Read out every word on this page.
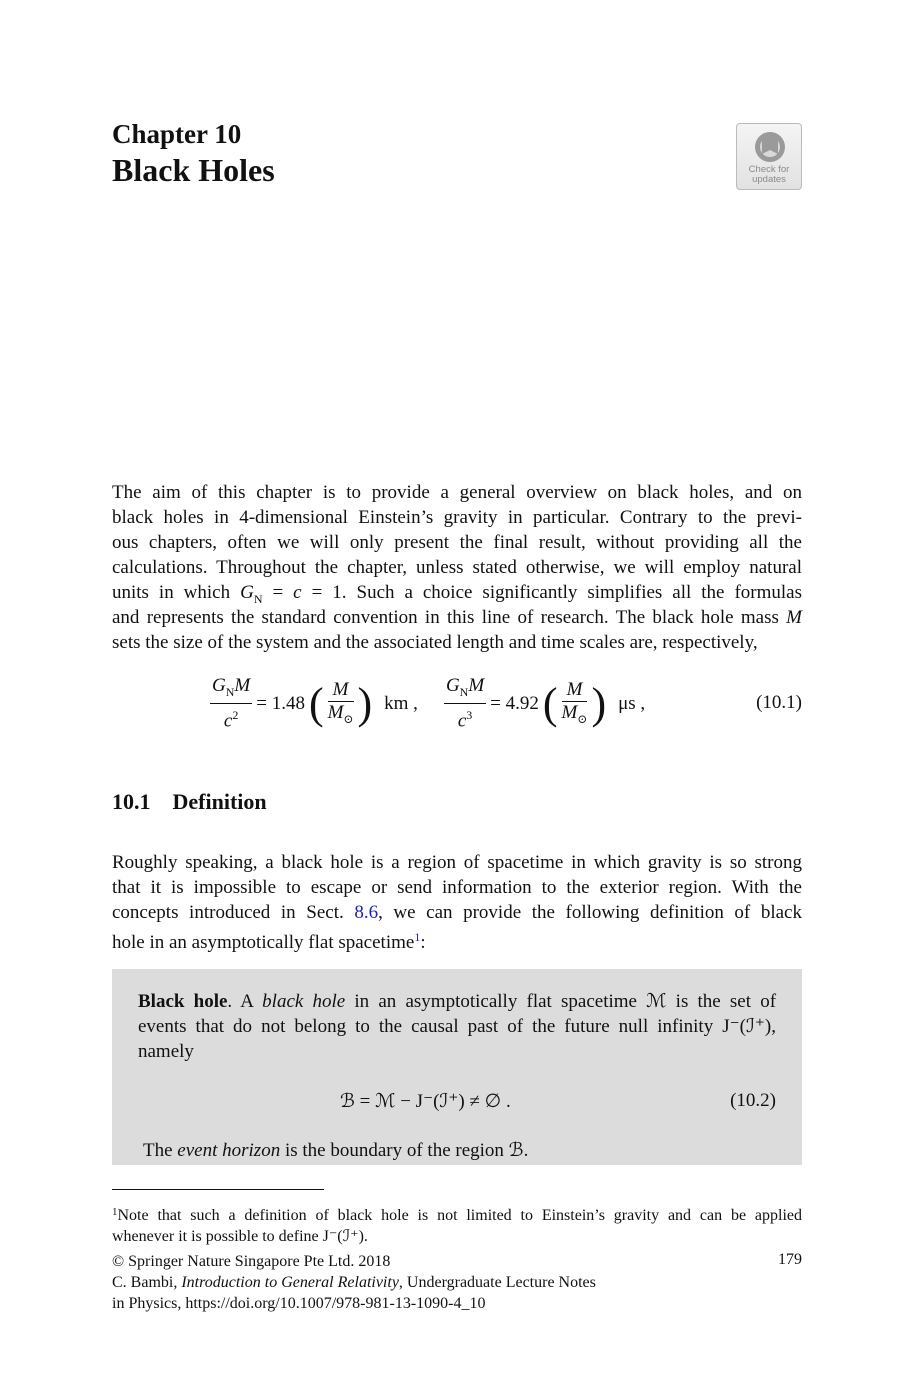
Chapter 10
Black Holes	Check for
updates
The aim of this chapter is to provide a general overview on black holes, and on
black holes in 4-dimensional Einstein’s gravity in particular. Contrary to the previ-
ous chapters, often we will only present the final result, without providing all the
calculations. Throughout the chapter, unless stated otherwise, we will employ natural
units in which $G_N = c = 1$. Such a choice significantly simplifies all the formulas
and represents the standard convention in this line of research. The black hole mass M
sets the size of the system and the associated length and time scales are, respectively,
$\frac{G_NM}{c^2} = 1.48$ ( $\frac{M}{M_⊙}$ ) km , $\frac{G_NM}{c^3} = 4.92$ ( $\frac{M}{M_⊙}$ ) μs ,	(10.1)
10.1 Definition
Roughly speaking, a black hole is a region of spacetime in which gravity is so strong
that it is impossible to escape or send information to the exterior region. With the
concepts introduced in Sect. 8.6, we can provide the following definition of black
hole in an asymptotically flat spacetime$^1$:
Black hole. A black hole in an asymptotically flat spacetime ℳ is the set of
events that do not belong to the causal past of the future null infinity J⁻(ℐ⁺),
namely
ℬ = ℳ − J⁻(ℐ⁺) ≠ ∅ .	(10.2)
The event horizon is the boundary of the region ℬ.
$^1$Note that such a definition of black hole is not limited to Einstein’s gravity and can be applied
whenever it is possible to define J⁻(ℐ⁺).
© Springer Nature Singapore Pte Ltd. 2018
C. Bambi, Introduction to General Relativity, Undergraduate Lecture Notes
in Physics, https://doi.org/10.1007/978-981-13-1090-4_10
179
